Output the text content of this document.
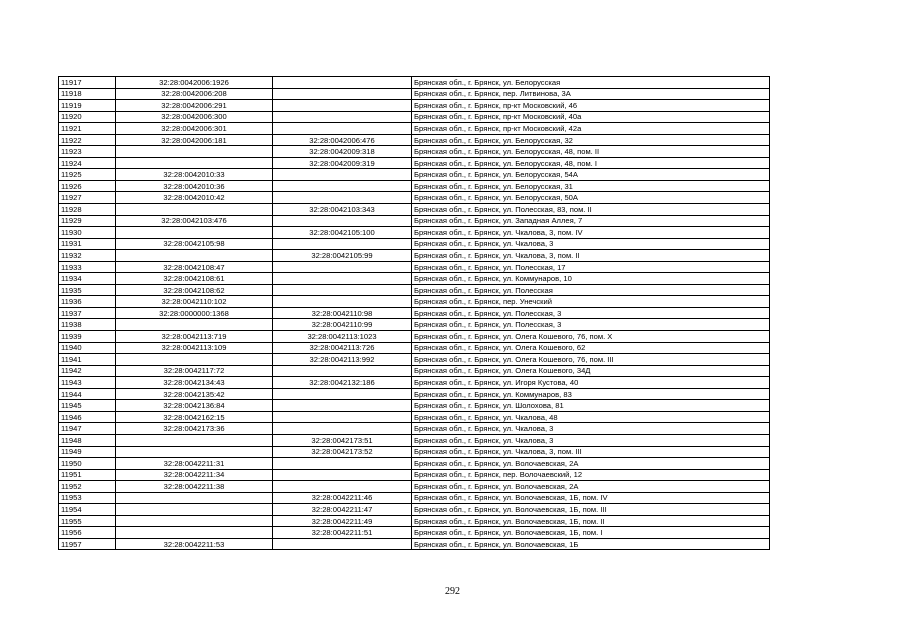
11917	32:28:0042006:1926		Брянская обл., г. Брянск, ул. Белорусская
11918	32:28:0042006:208		Брянская обл., г. Брянск, пер. Литвинова, 3А
11919	32:28:0042006:291		Брянская обл., г. Брянск, пр-кт Московский, 46
11920	32:28:0042006:300		Брянская обл., г. Брянск, пр-кт Московский, 40а
11921	32:28:0042006:301		Брянская обл., г. Брянск, пр-кт Московский, 42а
11922	32:28:0042006:181	32:28:0042006:476	Брянская обл., г. Брянск, ул. Белорусская, 32
11923		32:28:0042009:318	Брянская обл., г. Брянск, ул. Белорусская, 48, пом. II
11924		32:28:0042009:319	Брянская обл., г. Брянск, ул. Белорусская, 48, пом. I
11925	32:28:0042010:33		Брянская обл., г. Брянск, ул. Белорусская, 54А
11926	32:28:0042010:36		Брянская обл., г. Брянск, ул. Белорусская, 31
11927	32:28:0042010:42		Брянская обл., г. Брянск, ул. Белорусская, 50А
11928		32:28:0042103:343	Брянская обл., г. Брянск, ул. Полесская, 83, пом. II
11929	32:28:0042103:476		Брянская обл., г. Брянск, ул. Западная Аллея, 7
11930		32:28:0042105:100	Брянская обл., г. Брянск, ул. Чкалова, 3, пом. IV
11931	32:28:0042105:98		Брянская обл., г. Брянск, ул. Чкалова, 3
11932		32:28:0042105:99	Брянская обл., г. Брянск, ул. Чкалова, 3, пом. II
11933	32:28:0042108:47		Брянская обл., г. Брянск, ул. Полесская, 17
11934	32:28:0042108:61		Брянская обл., г. Брянск, ул. Коммунаров, 10
11935	32:28:0042108:62		Брянская обл., г. Брянск, ул. Полесская
11936	32:28:0042110:102		Брянская обл., г. Брянск, пер. Унечский
11937	32:28:0000000:1368	32:28:0042110:98	Брянская обл., г. Брянск, ул. Полесская, 3
11938		32:28:0042110:99	Брянская обл., г. Брянск, ул. Полесская, 3
11939	32:28:0042113:719	32:28:0042113:1023	Брянская обл., г. Брянск, ул. Олега Кошевого, 76, пом. X
11940	32:28:0042113:109	32:28:0042113:726	Брянская обл., г. Брянск, ул. Олега Кошевого, 62
11941		32:28:0042113:992	Брянская обл., г. Брянск, ул. Олега Кошевого, 76, пом. III
11942	32:28:0042117:72		Брянская обл., г. Брянск, ул. Олега Кошевого, 34Д
11943	32:28:0042134:43	32:28:0042132:186	Брянская обл., г. Брянск, ул. Игоря Кустова, 40
11944	32:28:0042135:42		Брянская обл., г. Брянск, ул. Коммунаров, 83
11945	32:28:0042136:84		Брянская обл., г. Брянск, ул. Шолохова, 81
11946	32:28:0042162:15		Брянская обл., г. Брянск, ул. Чкалова, 48
11947	32:28:0042173:36		Брянская обл., г. Брянск, ул. Чкалова, 3
11948		32:28:0042173:51	Брянская обл., г. Брянск, ул. Чкалова, 3
11949		32:28:0042173:52	Брянская обл., г. Брянск, ул. Чкалова, 3, пом. III
11950	32:28:0042211:31		Брянская обл., г. Брянск, ул. Волочаевская, 2А
11951	32:28:0042211:34		Брянская обл., г. Брянск, пер. Волочаевский, 12
11952	32:28:0042211:38		Брянская обл., г. Брянск, ул. Волочаевская, 2А
11953		32:28:0042211:46	Брянская обл., г. Брянск, ул. Волочаевская, 1Б, пом. IV
11954		32:28:0042211:47	Брянская обл., г. Брянск, ул. Волочаевская, 1Б, пом. III
11955		32:28:0042211:49	Брянская обл., г. Брянск, ул. Волочаевская, 1Б, пом. II
11956		32:28:0042211:51	Брянская обл., г. Брянск, ул. Волочаевская, 1Б, пом. I
11957	32:28:0042211:53		Брянская обл., г. Брянск, ул. Волочаевская, 1Б
292
